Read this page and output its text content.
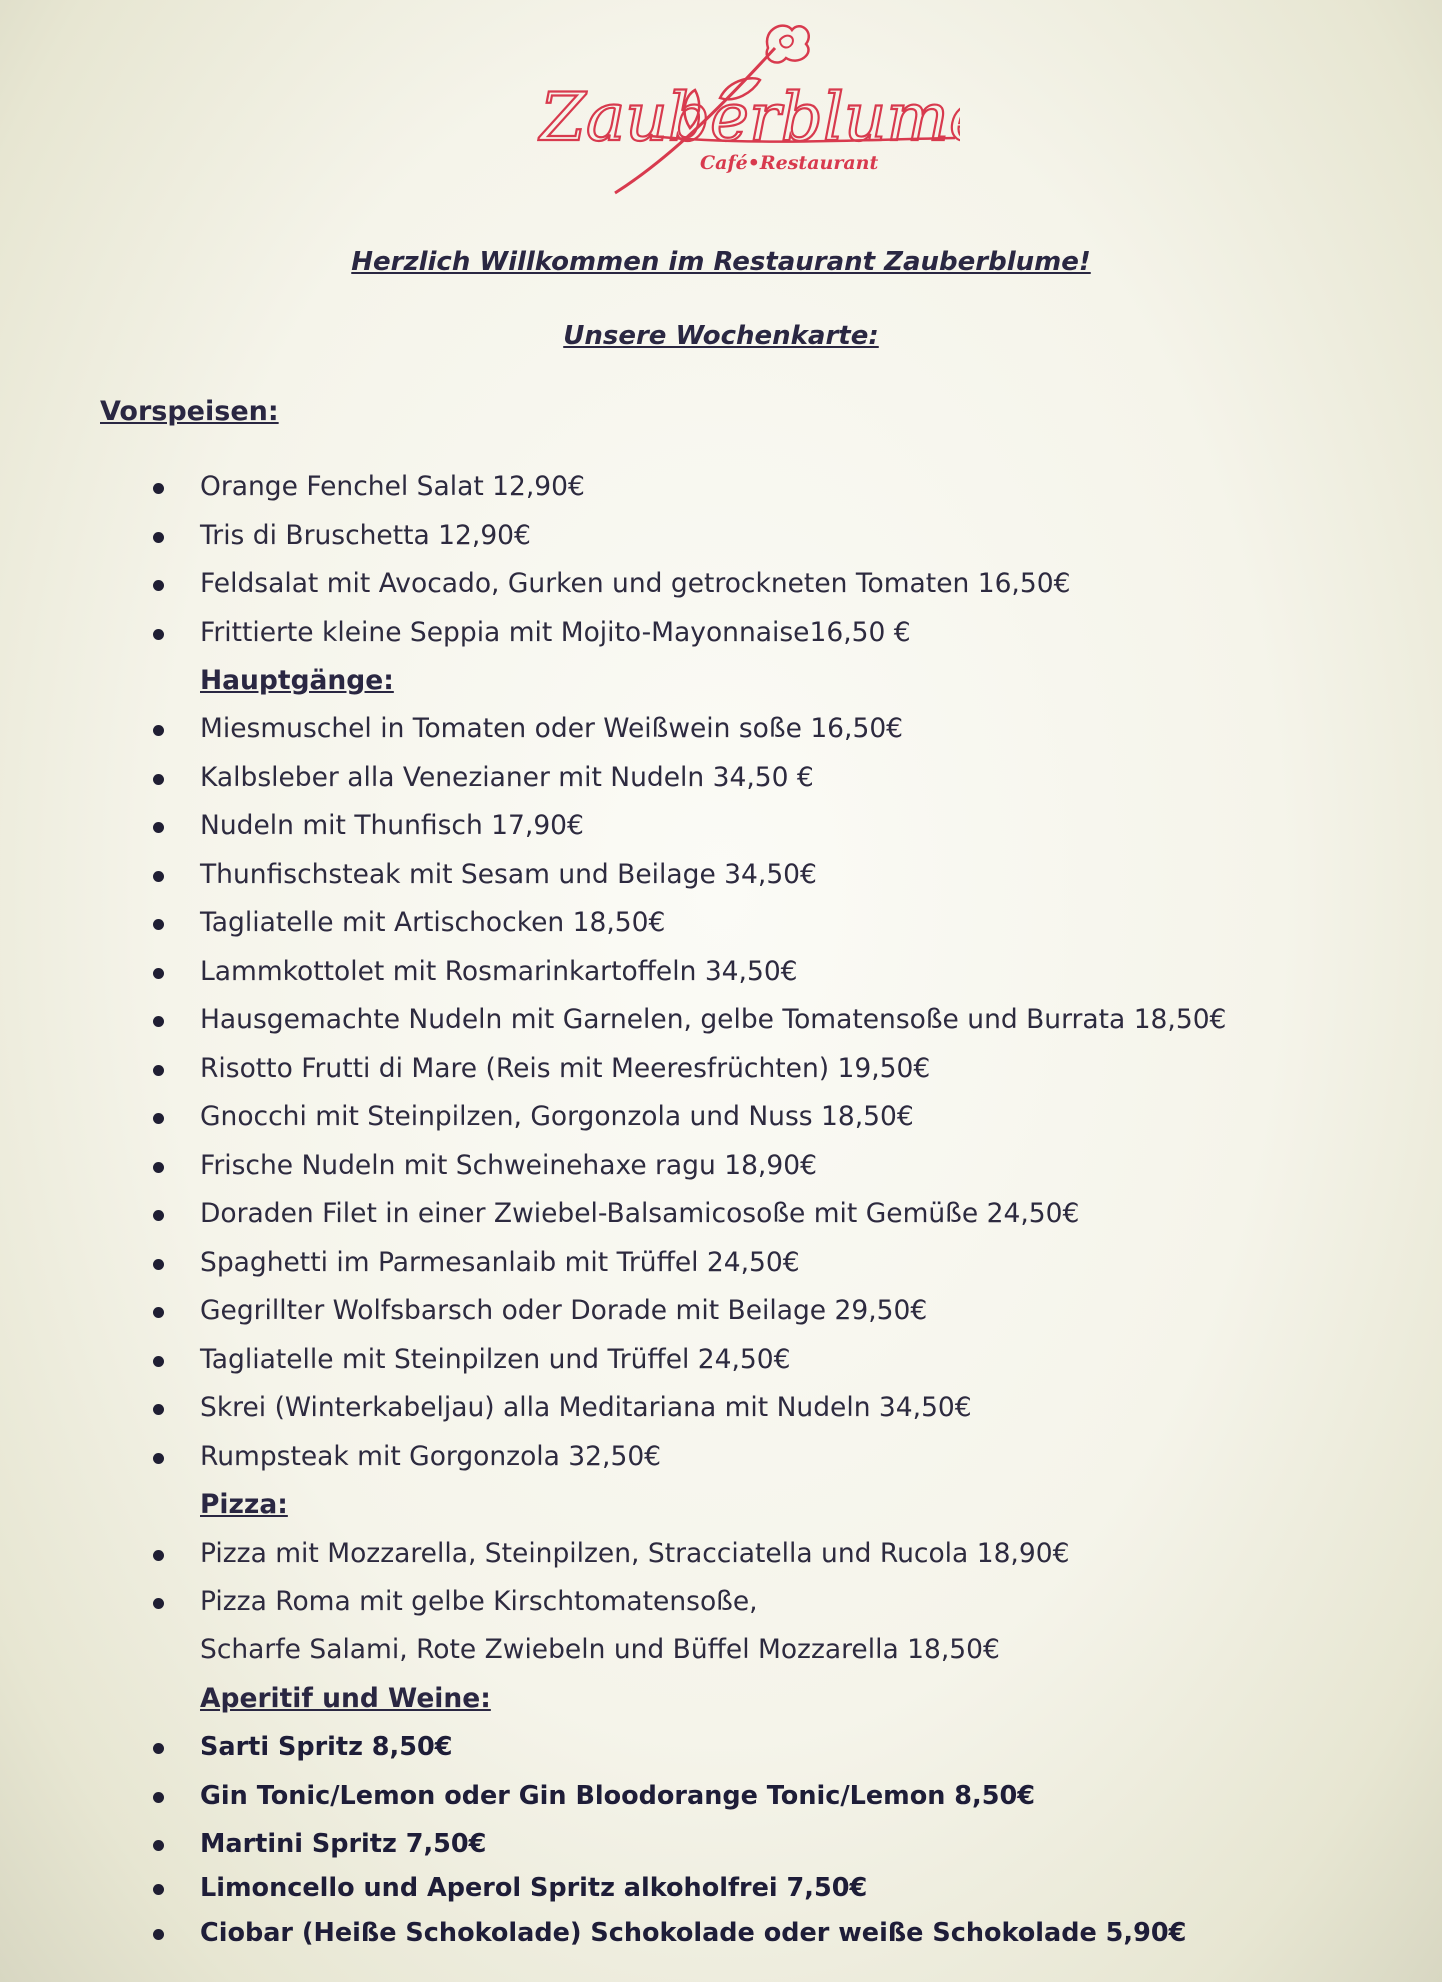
Zauberblume
Café•Restaurant
Herzlich Willkommen im Restaurant Zauberblume!
Unsere Wochenkarte:
Vorspeisen:
Orange Fenchel Salat 12,90€
Tris di Bruschetta 12,90€
Feldsalat mit Avocado, Gurken und getrockneten Tomaten 16,50€
Frittierte kleine Seppia mit Mojito-Mayonnaise16,50 €
Hauptgänge:
Miesmuschel in Tomaten oder Weißwein soße 16,50€
Kalbsleber alla Venezianer mit Nudeln 34,50 €
Nudeln mit Thunfisch 17,90€
Thunfischsteak mit Sesam und Beilage 34,50€
Tagliatelle mit Artischocken 18,50€
Lammkottolet mit Rosmarinkartoffeln 34,50€
Hausgemachte Nudeln mit Garnelen, gelbe Tomatensoße und Burrata 18,50€
Risotto Frutti di Mare (Reis mit Meeresfrüchten) 19,50€
Gnocchi mit Steinpilzen, Gorgonzola und Nuss 18,50€
Frische Nudeln mit Schweinehaxe ragu 18,90€
Doraden Filet in einer Zwiebel-Balsamicosoße mit Gemüße 24,50€
Spaghetti im Parmesanlaib mit Trüffel 24,50€
Gegrillter Wolfsbarsch oder Dorade mit Beilage 29,50€
Tagliatelle mit Steinpilzen und Trüffel 24,50€
Skrei (Winterkabeljau) alla Meditariana mit Nudeln 34,50€
Rumpsteak mit Gorgonzola 32,50€
Pizza:
Pizza mit Mozzarella, Steinpilzen, Stracciatella und Rucola 18,90€
Pizza Roma mit gelbe Kirschtomatensoße,
Scharfe Salami, Rote Zwiebeln und Büffel Mozzarella 18,50€
Aperitif und Weine:
Sarti Spritz 8,50€
Gin Tonic/Lemon oder Gin Bloodorange Tonic/Lemon 8,50€
Martini Spritz 7,50€
Limoncello und Aperol Spritz alkoholfrei 7,50€
Ciobar (Heiße Schokolade) Schokolade oder weiße Schokolade 5,90€
